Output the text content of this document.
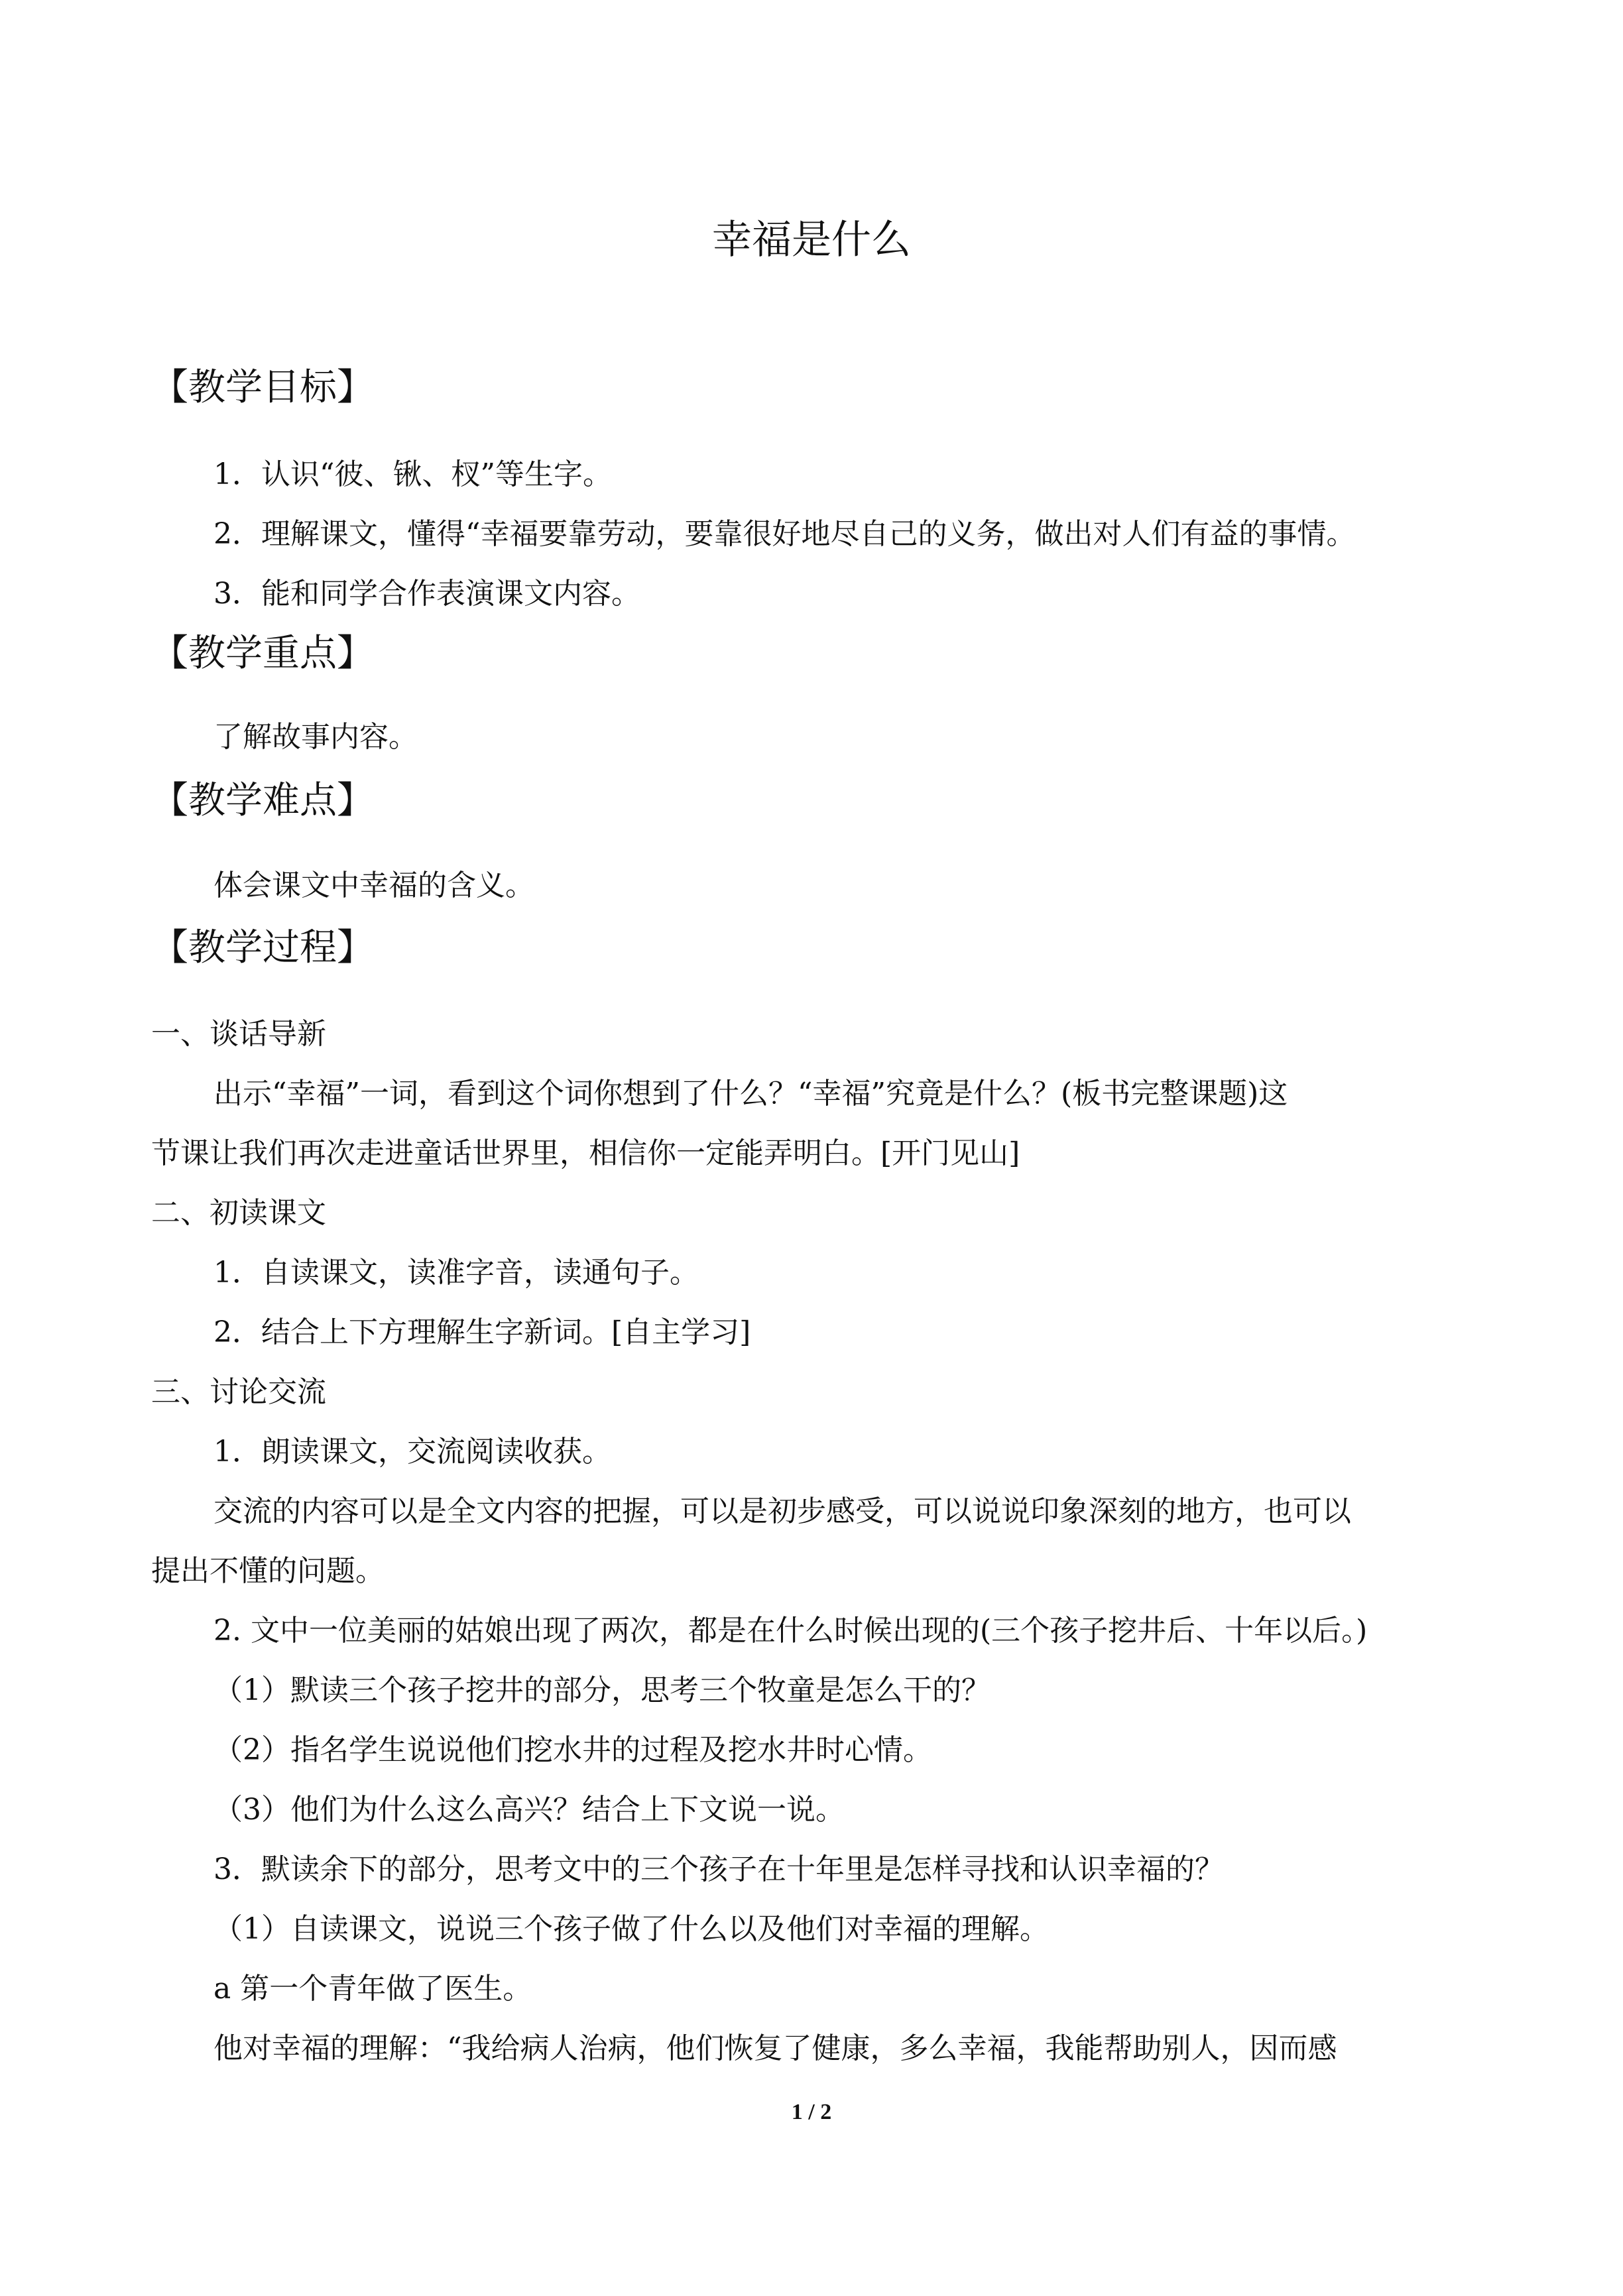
幸福是什么
【教学目标】
1．认识“彼、锹、杈”等生字。
2．理解课文，懂得“幸福要靠劳动，要靠很好地尽自己的义务，做出对人们有益的事情。
3．能和同学合作表演课文内容。
【教学重点】
了解故事内容。
【教学难点】
体会课文中幸福的含义。
【教学过程】
一、谈话导新
出示“幸福”一词，看到这个词你想到了什么？“幸福”究竟是什么？(板书完整课题)这
节课让我们再次走进童话世界里，相信你一定能弄明白。[开门见山]
二、初读课文
1．自读课文，读准字音，读通句子。
2．结合上下方理解生字新词。[自主学习]
三、讨论交流
1．朗读课文，交流阅读收获。
交流的内容可以是全文内容的把握，可以是初步感受，可以说说印象深刻的地方，也可以
提出不懂的问题。
2. 文中一位美丽的姑娘出现了两次，都是在什么时候出现的(三个孩子挖井后、十年以后。)
（1）默读三个孩子挖井的部分，思考三个牧童是怎么干的？
（2）指名学生说说他们挖水井的过程及挖水井时心情。
（3）他们为什么这么高兴？结合上下文说一说。
3．默读余下的部分，思考文中的三个孩子在十年里是怎样寻找和认识幸福的？
（1）自读课文，说说三个孩子做了什么以及他们对幸福的理解。
a 第一个青年做了医生。
他对幸福的理解：“我给病人治病，他们恢复了健康，多么幸福，我能帮助别人，因而感
1 / 2
